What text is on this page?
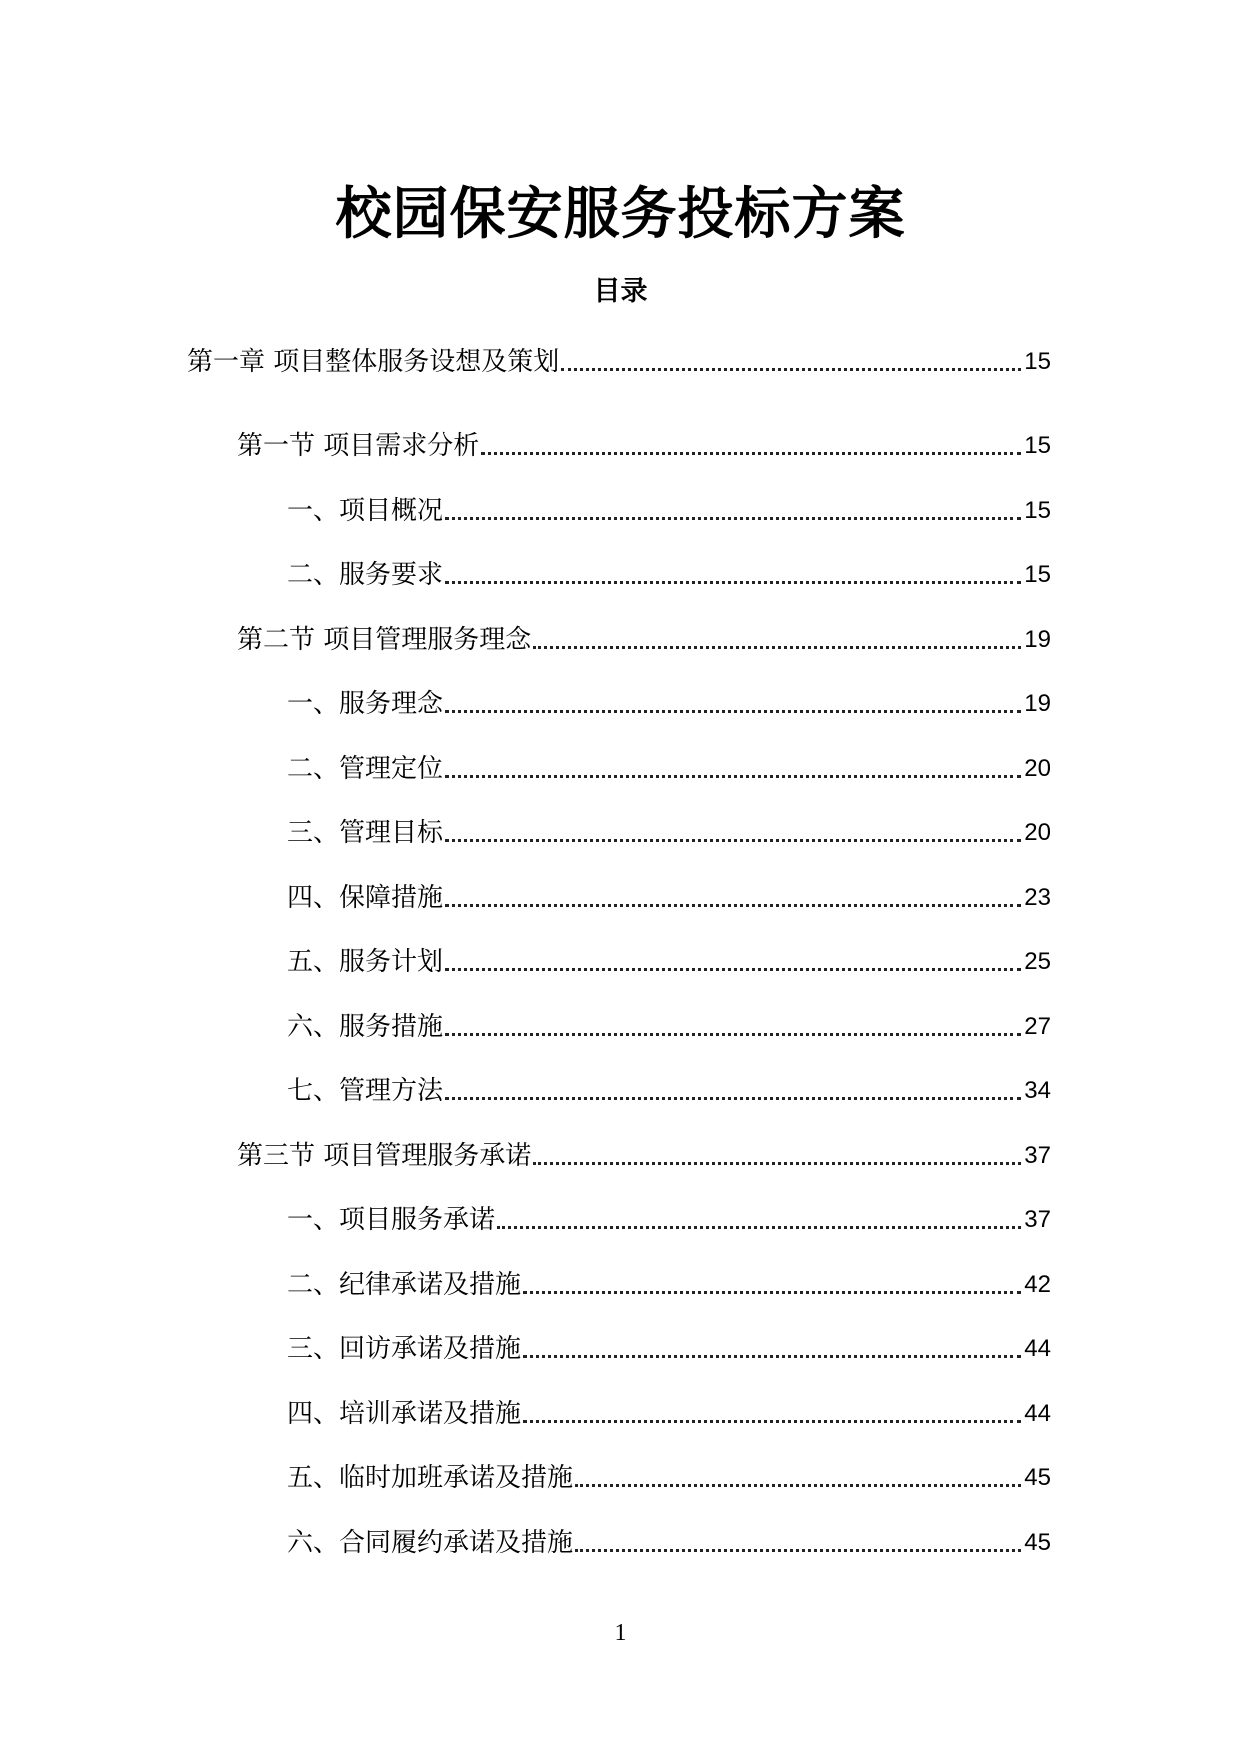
校园保安服务投标方案
目录
第一章 项目整体服务设想及策划	15
第一节 项目需求分析	15
一、项目概况	15
二、服务要求	15
第二节 项目管理服务理念	19
一、服务理念	19
二、管理定位	20
三、管理目标	20
四、保障措施	23
五、服务计划	25
六、服务措施	27
七、管理方法	34
第三节 项目管理服务承诺	37
一、项目服务承诺	37
二、纪律承诺及措施	42
三、回访承诺及措施	44
四、培训承诺及措施	44
五、临时加班承诺及措施	45
六、合同履约承诺及措施	45
1
